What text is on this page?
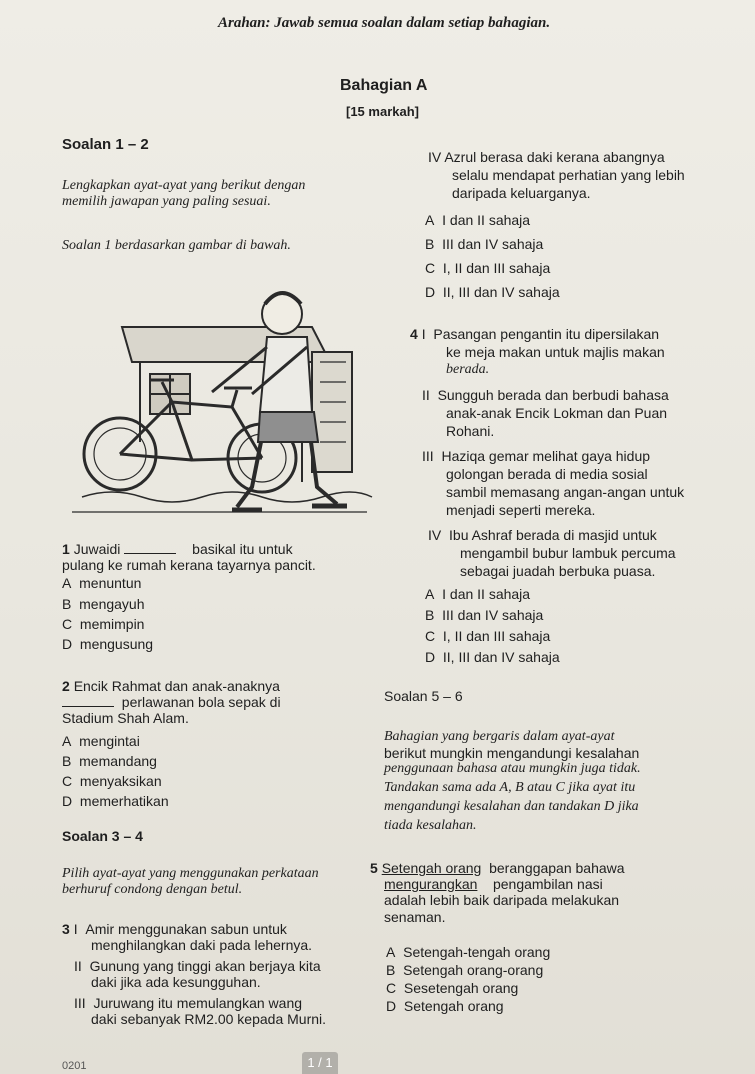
Arahan: Jawab semua soalan dalam setiap bahagian.
Bahagian A
[15 markah]
Soalan 1 – 2
Lengkapkan ayat-ayat yang berikut dengan
memilih jawapan yang paling sesuai.
Soalan 1 berdasarkan gambar di bawah.
1 Juwaidi	basikal itu untuk
pulang ke rumah kerana tayarnya pancit.
A menuntun
B mengayuh
C memimpin
D mengusung
2 Encik Rahmat dan anak-anaknya
perlawanan bola sepak di
Stadium Shah Alam.
A mengintai
B memandang
C menyaksikan
D memerhatikan
Soalan 3 – 4
Pilih ayat-ayat yang menggunakan perkataan
berhuruf condong dengan betul.
3 I Amir menggunakan sabun untuk
menghilangkan daki pada lehernya.
II Gunung yang tinggi akan berjaya kita
daki jika ada kesungguhan.
III Juruwang itu memulangkan wang
daki sebanyak RM2.00 kepada Murni.
IV Azrul berasa daki kerana abangnya
selalu mendapat perhatian yang lebih
daripada keluarganya.
A I dan II sahaja
B III dan IV sahaja
C I, II dan III sahaja
D II, III dan IV sahaja
4 I Pasangan pengantin itu dipersilakan
ke meja makan untuk majlis makan
berada.
II Sungguh berada dan berbudi bahasa
anak-anak Encik Lokman dan Puan
Rohani.
III Haziqa gemar melihat gaya hidup
golongan berada di media sosial
sambil memasang angan-angan untuk
menjadi seperti mereka.
IV Ibu Ashraf berada di masjid untuk
mengambil bubur lambuk percuma
sebagai juadah berbuka puasa.
A I dan II sahaja
B III dan IV sahaja
C I, II dan III sahaja
D II, III dan IV sahaja
Soalan 5 – 6
Bahagian yang bergaris dalam ayat-ayat
berikut mungkin mengandungi kesalahan
penggunaan bahasa atau mungkin juga tidak.
Tandakan sama ada A, B atau C jika ayat itu
mengandungi kesalahan dan tandakan D jika
tiada kesalahan.
5 Setengah orang beranggapan bahawa
mengurangkan pengambilan nasi
adalah lebih baik daripada melakukan
senaman.
A Setengah-tengah orang
B Setengah orang-orang
C Sesetengah orang
D Setengah orang
0201	1 / 1
